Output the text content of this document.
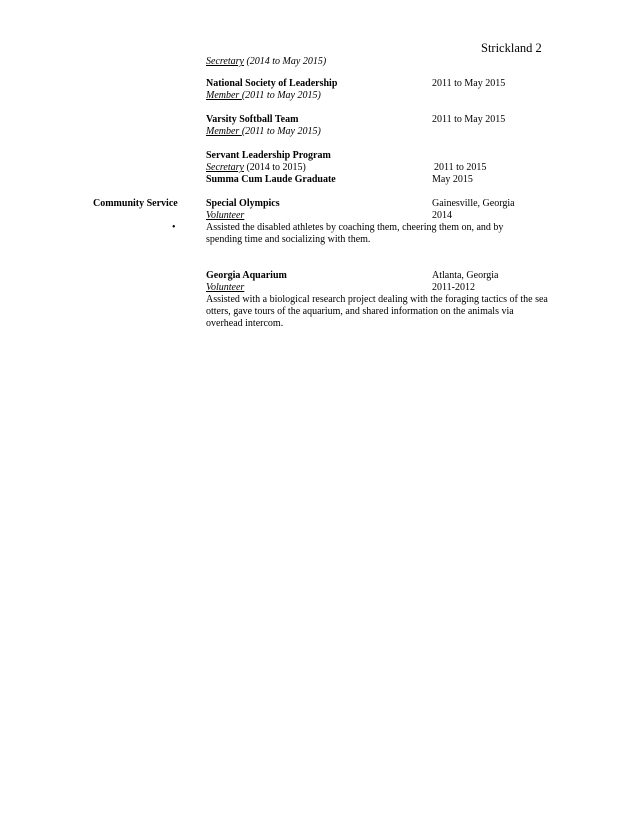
Strickland 2
Secretary (2014 to May 2015)
National Society of Leadership	2011 to May 2015
Member (2011 to May 2015)
Varsity Softball Team	2011 to May 2015
Member (2011 to May 2015)
Servant Leadership Program
Secretary (2014 to 2015)	2011 to 2015
Summa Cum Laude Graduate	May 2015
Community Service	Special Olympics	Gainesville, Georgia
Volunteer	2014
•	Assisted the disabled athletes by coaching them, cheering them on, and by spending time and socializing with them.
Georgia Aquarium	Atlanta, Georgia
Volunteer	2011-2012
Assisted with a biological research project dealing with the foraging tactics of the sea otters, gave tours of the aquarium, and shared information on the animals via overhead intercom.
